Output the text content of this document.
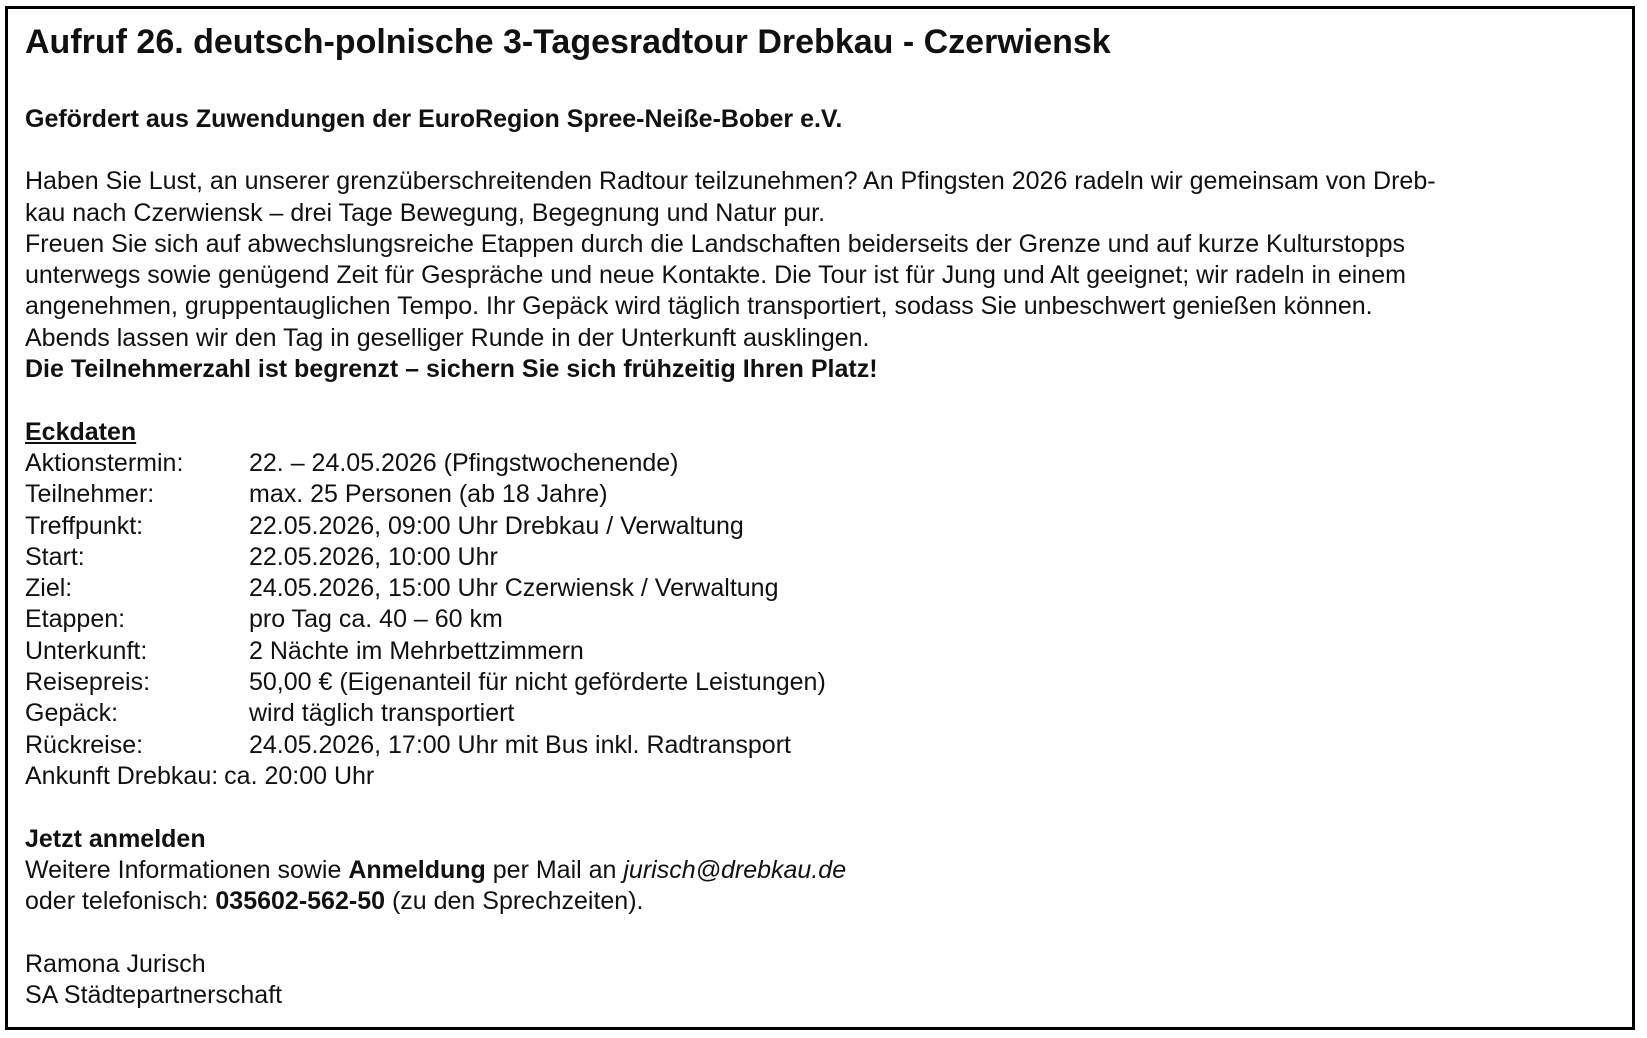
Aufruf 26. deutsch-polnische 3-Tagesradtour Drebkau - Czerwiensk
Gefördert aus Zuwendungen der EuroRegion Spree-Neiße-Bober e.V.

Haben Sie Lust, an unserer grenzüberschreitenden Radtour teilzunehmen? An Pfingsten 2026 radeln wir gemeinsam von Dreb-

kau nach Czerwiensk – drei Tage Bewegung, Begegnung und Natur pur.

Freuen Sie sich auf abwechslungsreiche Etappen durch die Landschaften beiderseits der Grenze und auf kurze Kulturstopps

unterwegs sowie genügend Zeit für Gespräche und neue Kontakte. Die Tour ist für Jung und Alt geeignet; wir radeln in einem

angenehmen, gruppentauglichen Tempo. Ihr Gepäck wird täglich transportiert, sodass Sie unbeschwert genießen können.

Abends lassen wir den Tag in geselliger Runde in der Unterkunft ausklingen.

Die Teilnehmerzahl ist begrenzt – sichern Sie sich frühzeitig Ihren Platz!

Eckdaten
Aktionstermin:	22. – 24.05.2026 (Pfingstwochenende)
Teilnehmer:	max. 25 Personen (ab 18 Jahre)
Treffpunkt:	22.05.2026, 09:00 Uhr Drebkau / Verwaltung
Start:	22.05.2026, 10:00 Uhr
Ziel:	24.05.2026, 15:00 Uhr Czerwiensk / Verwaltung
Etappen:	pro Tag ca. 40 – 60 km
Unterkunft:	2 Nächte im Mehrbettzimmern
Reisepreis:	50,00 € (Eigenanteil für nicht geförderte Leistungen)
Gepäck:	wird täglich transportiert
Rückreise:	24.05.2026, 17:00 Uhr mit Bus inkl. Radtransport
Ankunft Drebkau: ca. 20:00 Uhr
Jetzt anmelden

Weitere Informationen sowie Anmeldung per Mail an jurisch@drebkau.de

oder telefonisch: 035602-562-50 (zu den Sprechzeiten).

Ramona Jurisch

SA Städtepartnerschaft
